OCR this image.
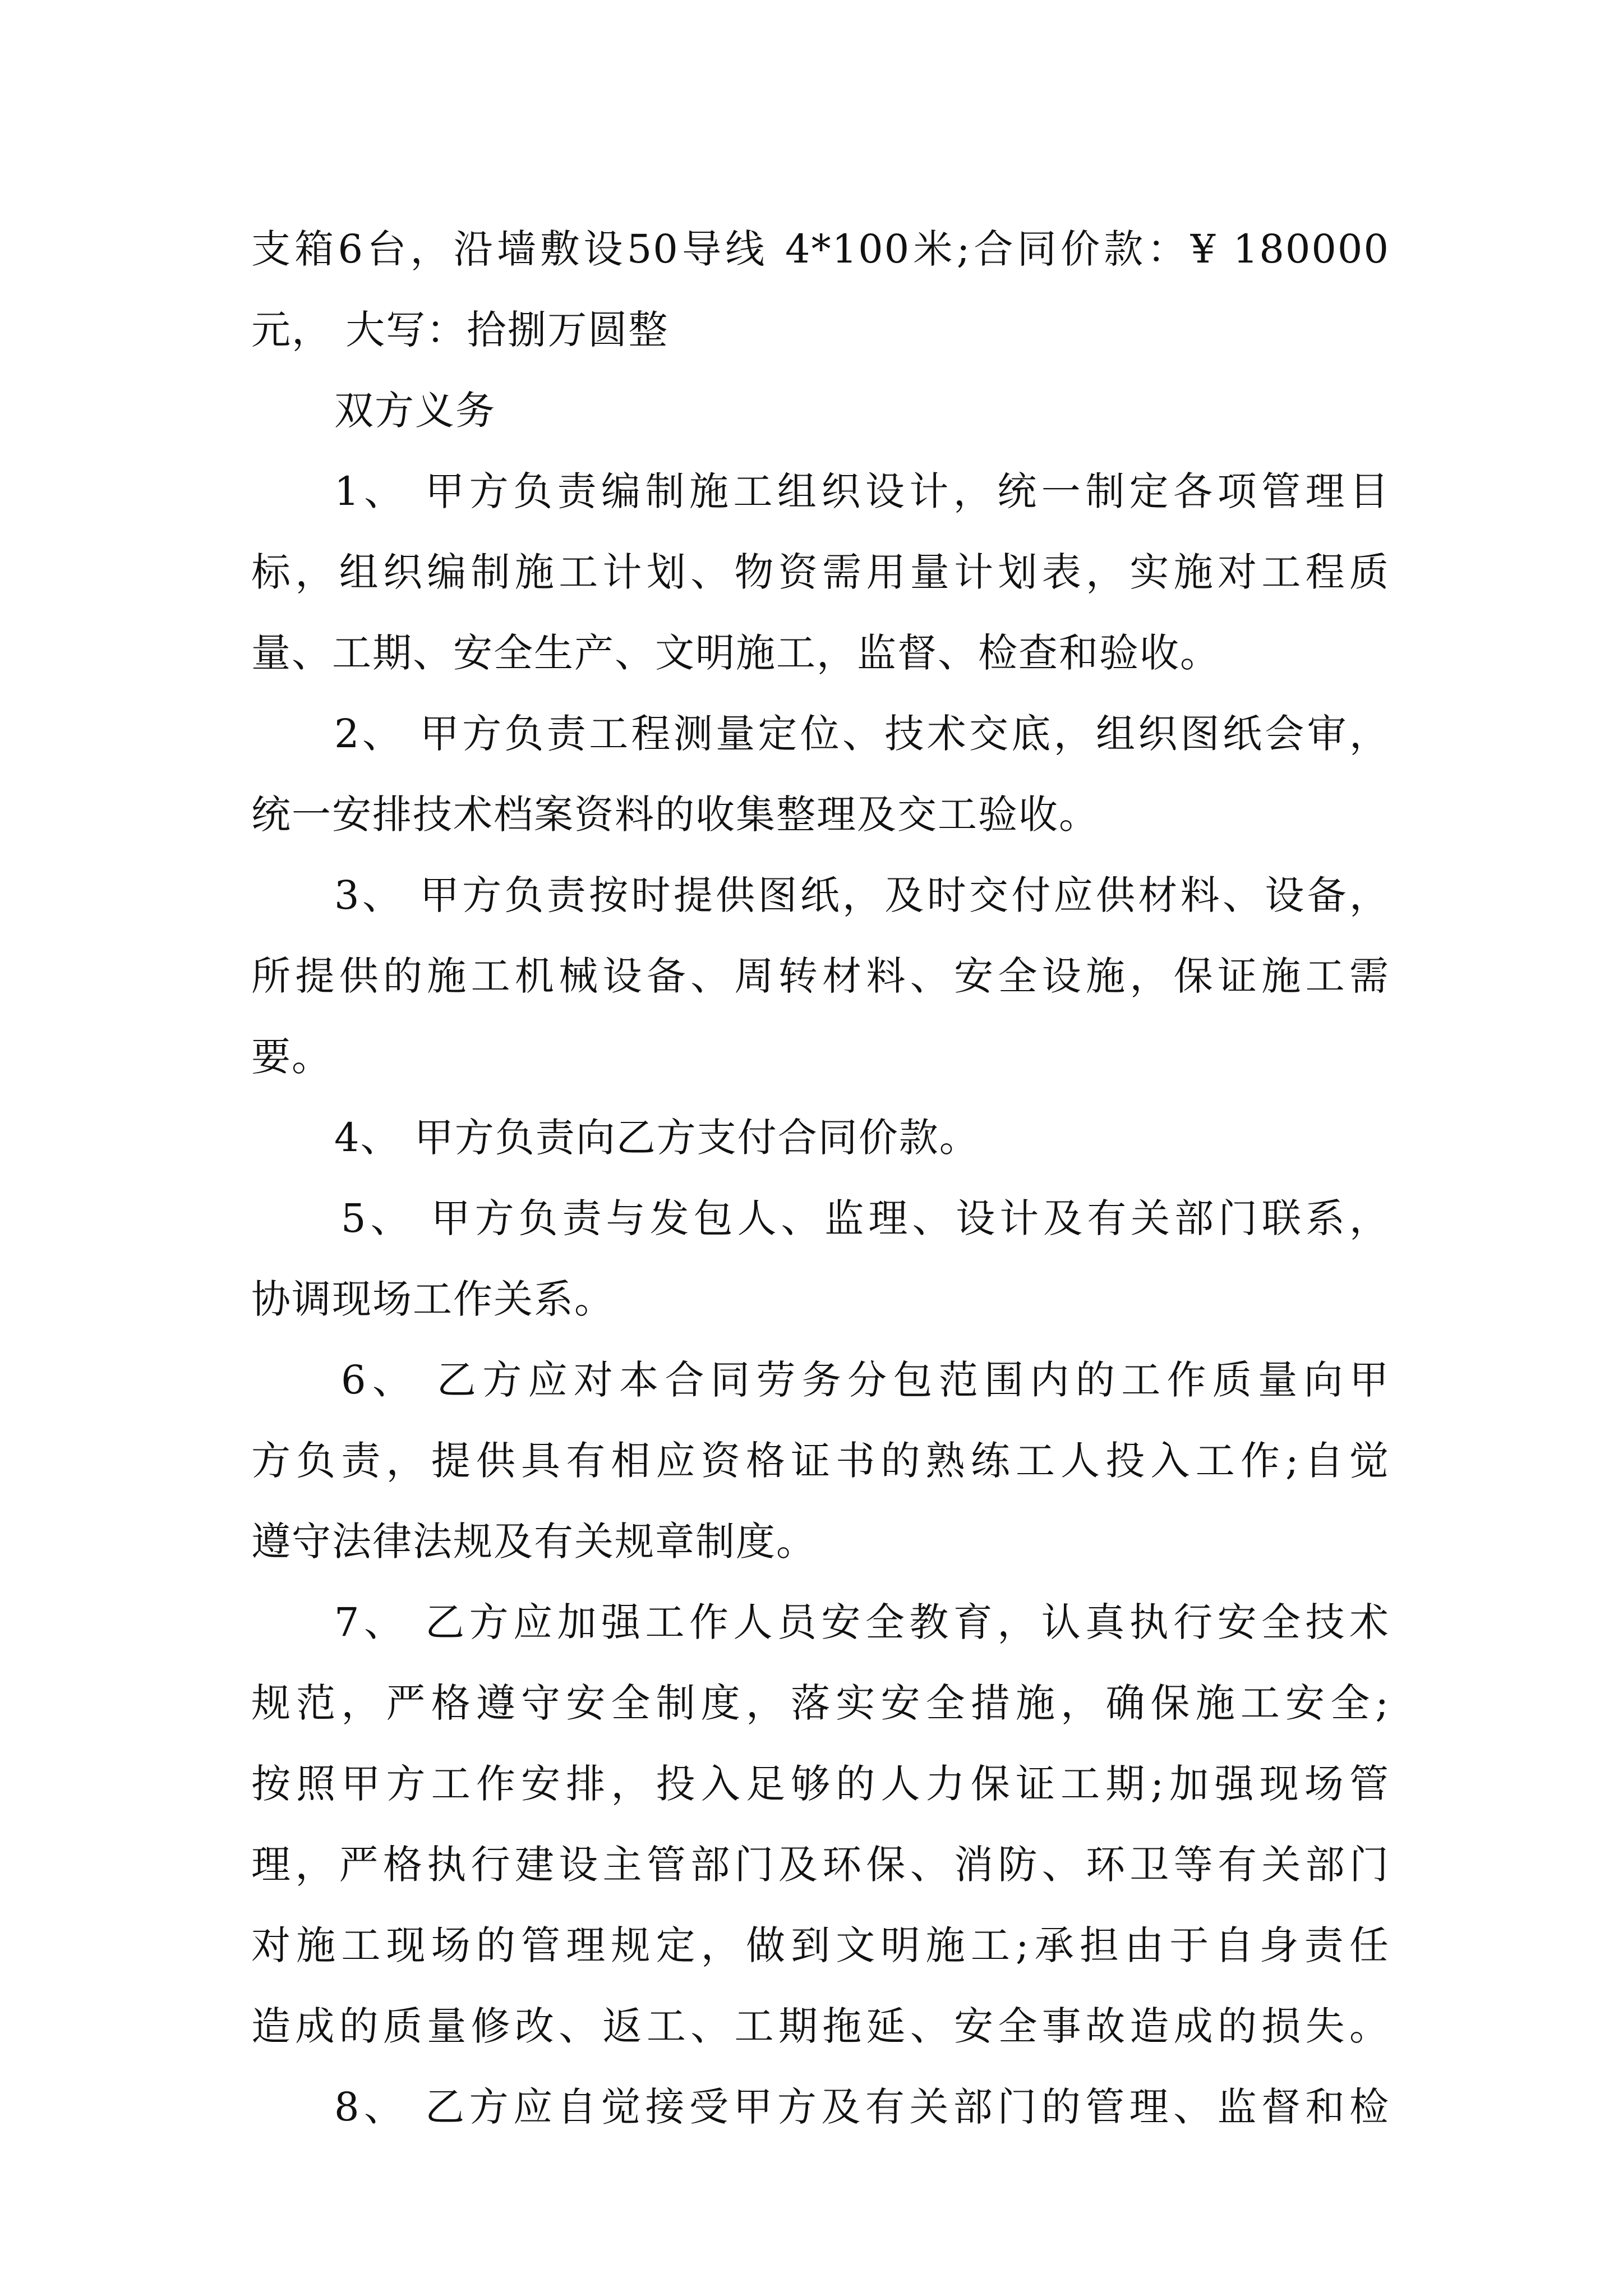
支箱6台，沿墙敷设50导线 4*100米;合同价款：¥ 180000
元， 大写：拾捌万圆整
双方义务
1、 甲方负责编制施工组织设计，统一制定各项管理目
标，组织编制施工计划、物资需用量计划表，实施对工程质
量、工期、安全生产、文明施工，监督、检查和验收。
2、 甲方负责工程测量定位、技术交底，组织图纸会审，
统一安排技术档案资料的收集整理及交工验收。
3、 甲方负责按时提供图纸，及时交付应供材料、设备，
所提供的施工机械设备、周转材料、安全设施，保证施工需
要。
4、 甲方负责向乙方支付合同价款。
5、 甲方负责与发包人、监理、设计及有关部门联系，
协调现场工作关系。
6、 乙方应对本合同劳务分包范围内的工作质量向甲
方负责，提供具有相应资格证书的熟练工人投入工作;自觉
遵守法律法规及有关规章制度。
7、 乙方应加强工作人员安全教育，认真执行安全技术
规范，严格遵守安全制度，落实安全措施，确保施工安全;
按照甲方工作安排，投入足够的人力保证工期;加强现场管
理，严格执行建设主管部门及环保、消防、环卫等有关部门
对施工现场的管理规定，做到文明施工;承担由于自身责任
造成的质量修改、返工、工期拖延、安全事故造成的损失。
8、 乙方应自觉接受甲方及有关部门的管理、监督和检
